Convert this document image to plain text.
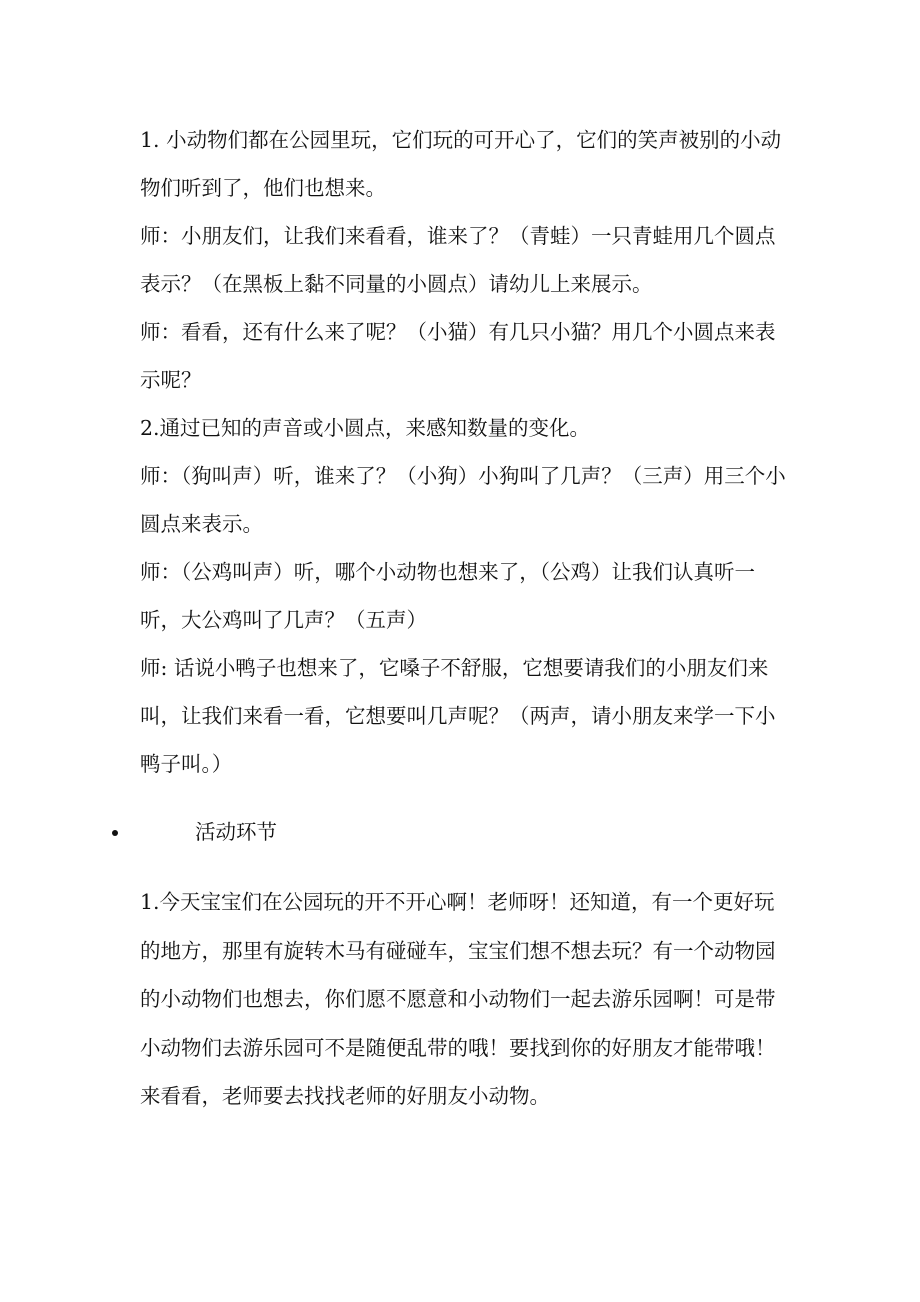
1. 小动物们都在公园里玩，它们玩的可开心了，它们的笑声被别的小动物们听到了，他们也想来。

师：小朋友们，让我们来看看，谁来了？（青蛙）一只青蛙用几个圆点表示？（在黑板上黏不同量的小圆点）请幼儿上来展示。

师：看看，还有什么来了呢？（小猫）有几只小猫？用几个小圆点来表示呢？

2.通过已知的声音或小圆点，来感知数量的变化。

师：（狗叫声）听，谁来了？（小狗）小狗叫了几声？（三声）用三个小圆点来表示。

师：（公鸡叫声）听，哪个小动物也想来了，（公鸡）让我们认真听一听，大公鸡叫了几声？（五声）

师: 话说小鸭子也想来了，它嗓子不舒服，它想要请我们的小朋友们来叫，让我们来看一看，它想要叫几声呢？（两声，请小朋友来学一下小鸭子叫。）

活动环节

1.今天宝宝们在公园玩的开不开心啊！老师呀！还知道，有一个更好玩的地方，那里有旋转木马有碰碰车，宝宝们想不想去玩？有一个动物园的小动物们也想去，你们愿不愿意和小动物们一起去游乐园啊！可是带小动物们去游乐园可不是随便乱带的哦！要找到你的好朋友才能带哦！来看看，老师要去找找老师的好朋友小动物。
